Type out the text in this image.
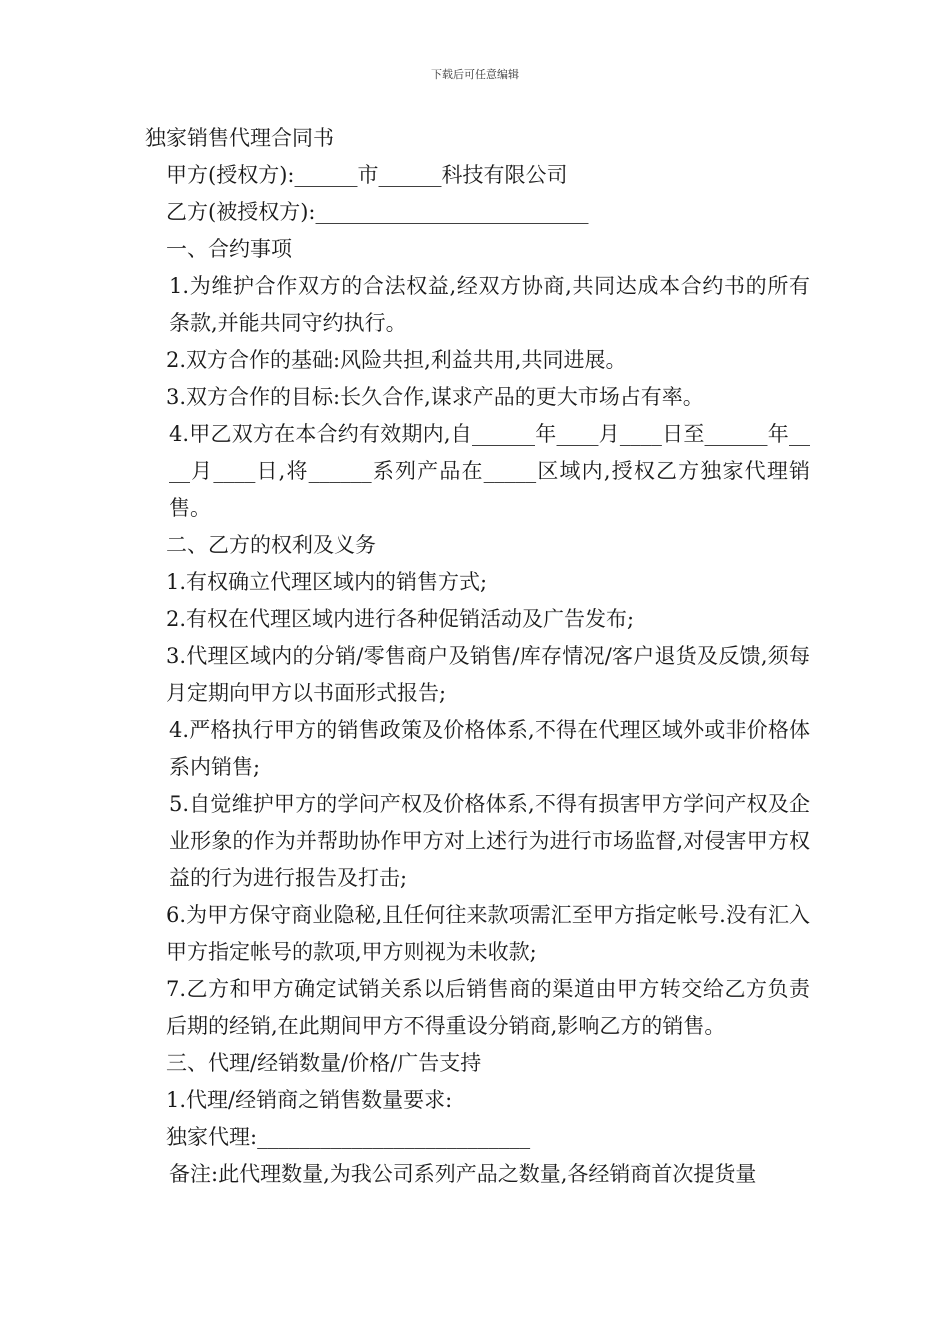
下载后可任意编辑

独家销售代理合同书

甲方(授权方):______市______科技有限公司

乙方(被授权方):__________________________

一、合约事项

1.为维护合作双方的合法权益,经双方协商,共同达成本合约书的所有条款,并能共同守约执行。

2.双方合作的基础:风险共担,利益共用,共同进展。

3.双方合作的目标:长久合作,谋求产品的更大市场占有率。

4.甲乙双方在本合约有效期内,自______年____月____日至______年____月____日,将______系列产品在_____区域内,授权乙方独家代理销售。

二、乙方的权利及义务

1.有权确立代理区域内的销售方式;

2.有权在代理区域内进行各种促销活动及广告发布;

3.代理区域内的分销/零售商户及销售/库存情况/客户退货及反馈,须每月定期向甲方以书面形式报告;

4.严格执行甲方的销售政策及价格体系,不得在代理区域外或非价格体系内销售;

5.自觉维护甲方的学问产权及价格体系,不得有损害甲方学问产权及企业形象的作为并帮助协作甲方对上述行为进行市场监督,对侵害甲方权益的行为进行报告及打击;

6.为甲方保守商业隐秘,且任何往来款项需汇至甲方指定帐号.没有汇入甲方指定帐号的款项,甲方则视为未收款;

7.乙方和甲方确定试销关系以后销售商的渠道由甲方转交给乙方负责后期的经销,在此期间甲方不得重设分销商,影响乙方的销售。

三、代理/经销数量/价格/广告支持

1.代理/经销商之销售数量要求:

独家代理:__________________________

备注:此代理数量,为我公司系列产品之数量,各经销商首次提货量
